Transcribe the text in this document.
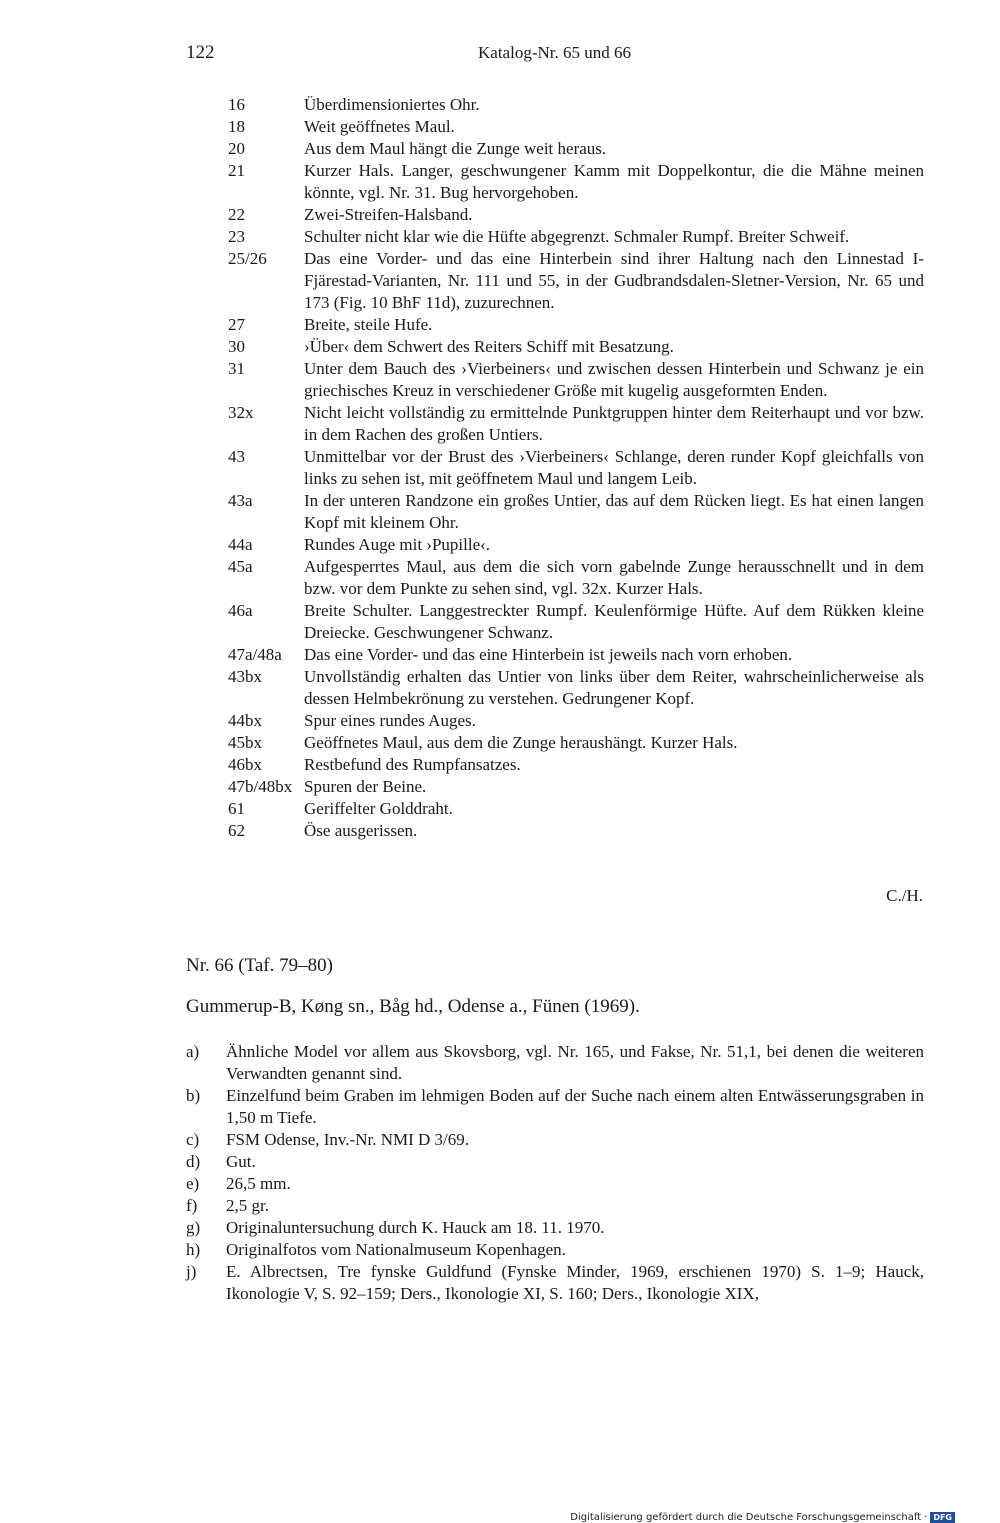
122	Katalog-Nr. 65 und 66
16	Überdimensioniertes Ohr.
18	Weit geöffnetes Maul.
20	Aus dem Maul hängt die Zunge weit heraus.
21	Kurzer Hals. Langer, geschwungener Kamm mit Doppelkontur, die die Mähne meinen könnte, vgl. Nr. 31. Bug hervorgehoben.
22	Zwei-Streifen-Halsband.
23	Schulter nicht klar wie die Hüfte abgegrenzt. Schmaler Rumpf. Breiter Schweif.
25/26	Das eine Vorder- und das eine Hinterbein sind ihrer Haltung nach den Linnestad I-Fjärestad-Varianten, Nr. 111 und 55, in der Gudbrandsdalen-Sletner-Version, Nr. 65 und 173 (Fig. 10 BhF 11d), zuzurechnen.
27	Breite, steile Hufe.
30	›Über‹ dem Schwert des Reiters Schiff mit Besatzung.
31	Unter dem Bauch des ›Vierbeiners‹ und zwischen dessen Hinterbein und Schwanz je ein griechisches Kreuz in verschiedener Größe mit kugelig ausgeformten Enden.
32x	Nicht leicht vollständig zu ermittelnde Punktgruppen hinter dem Reiterhaupt und vor bzw. in dem Rachen des großen Untiers.
43	Unmittelbar vor der Brust des ›Vierbeiners‹ Schlange, deren runder Kopf gleichfalls von links zu sehen ist, mit geöffnetem Maul und langem Leib.
43a	In der unteren Randzone ein großes Untier, das auf dem Rücken liegt. Es hat einen langen Kopf mit kleinem Ohr.
44a	Rundes Auge mit ›Pupille‹.
45a	Aufgesperrtes Maul, aus dem die sich vorn gabelnde Zunge herausschnellt und in dem bzw. vor dem Punkte zu sehen sind, vgl. 32x. Kurzer Hals.
46a	Breite Schulter. Langgestreckter Rumpf. Keulenförmige Hüfte. Auf dem Rükken kleine Dreiecke. Geschwungener Schwanz.
47a/48a	Das eine Vorder- und das eine Hinterbein ist jeweils nach vorn erhoben.
43bx	Unvollständig erhalten das Untier von links über dem Reiter, wahrscheinlicherweise als dessen Helmbekrönung zu verstehen. Gedrungener Kopf.
44bx	Spur eines rundes Auges.
45bx	Geöffnetes Maul, aus dem die Zunge heraushängt. Kurzer Hals.
46bx	Restbefund des Rumpfansatzes.
47b/48bx Spuren der Beine.
61	Geriffelter Golddraht.
62	Öse ausgerissen.
C./H.
Nr. 66 (Taf. 79–80)
Gummerup-B, Køng sn., Båg hd., Odense a., Fünen (1969).
a)	Ähnliche Model vor allem aus Skovsborg, vgl. Nr. 165, und Fakse, Nr. 51,1, bei denen die weiteren Verwandten genannt sind.
b)	Einzelfund beim Graben im lehmigen Boden auf der Suche nach einem alten Entwässerungsgraben in 1,50 m Tiefe.
c)	FSM Odense, Inv.-Nr. NMI D 3/69.
d)	Gut.
e)	26,5 mm.
f)	2,5 gr.
g)	Originaluntersuchung durch K. Hauck am 18. 11. 1970.
h)	Originalfotos vom Nationalmuseum Kopenhagen.
j)	E. Albrectsen, Tre fynske Guldfund (Fynske Minder, 1969, erschienen 1970) S. 1–9; Hauck, Ikonologie V, S. 92–159; Ders., Ikonologie XI, S. 160; Ders., Ikonologie XIX,
Digitalisierung gefördert durch die Deutsche Forschungsgemeinschaft · DFG
